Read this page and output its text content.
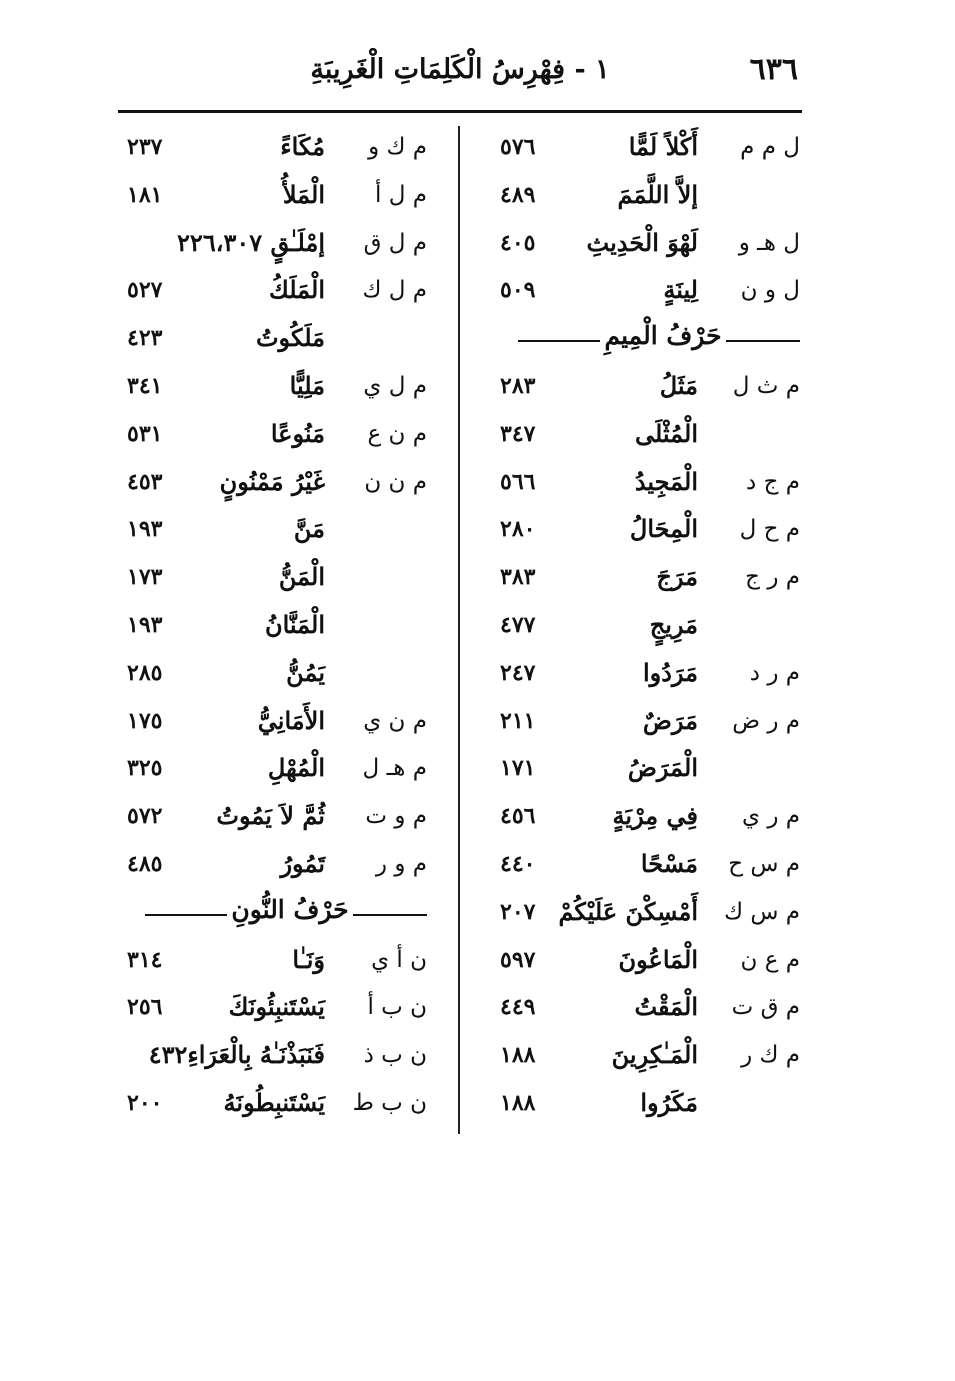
٦٣٦
١ - فِهْرِسُ الْكَلِمَاتِ الْغَرِيبَةِ
ل م م
أَكْلاً لَمًّا
٥٧٦
إلاَّ اللَّمَمَ
٤٨٩
ل هـ و
لَهْوَ الْحَدِيثِ
٤٠٥
ل و ن
لِينَةٍ
٥٠٩
حَرْفُ الْمِيمِ
م ث ل
مَثَلُ
٢٨٣
الْمُثْلَى
٣٤٧
م ج د
الْمَجِيدُ
٥٦٦
م ح ل
الْمِحَالُ
٢٨٠
م ر ج
مَرَجَ
٣٨٣
مَرِيجٍ
٤٧٧
م ر د
مَرَدُوا
٢٤٧
م ر ض
مَرَضٌ
٢١١
الْمَرَضُ
١٧١
م ر ي
فِي مِرْيَةٍ
٤٥٦
م س ح
مَسْحًا
٤٤٠
م س ك
أَمْسِكْنَ عَلَيْكُمْ
٢٠٧
م ع ن
الْمَاعُونَ
٥٩٧
م ق ت
الْمَقْتُ
٤٤٩
م ك ر
الْمَـٰكِرِينَ
١٨٨
مَكَرُوا
١٨٨
م ك و
مُكَاءً
٢٣٧
م ل أ
الْمَلأُ
١٨١
م ل ق
إمْلَـٰقٍ ٢٢٦،٣٠٧
م ل ك
الْمَلَكُ
٥٢٧
مَلَكُوتُ
٤٢٣
م ل ي
مَلِيًّا
٣٤١
م ن ع
مَنُوعًا
٥٣١
م ن ن
غَيْرُ مَمْنُونٍ
٤٥٣
مَنَّ
١٩٣
الْمَنُّ
١٧٣
الْمَنَّانُ
١٩٣
يَمُنُّ
٢٨٥
م ن ي
الأَمَانِيُّ
١٧٥
م هـ ل
الْمُهْلِ
٣٢٥
م و ت
ثُمَّ لاَ يَمُوتُ
٥٧٢
م و ر
تَمُورُ
٤٨٥
حَرْفُ النُّونِ
ن أ ي
وَنَـٰا
٣١٤
ن ب أ
يَسْتَنبِئُونَكَ
٢٥٦
ن ب ذ
فَنَبَذْنَـٰهُ بِالْعَرَاءِ٤٣٢
ن ب ط
يَسْتَنبِطُونَهُ
٢٠٠
